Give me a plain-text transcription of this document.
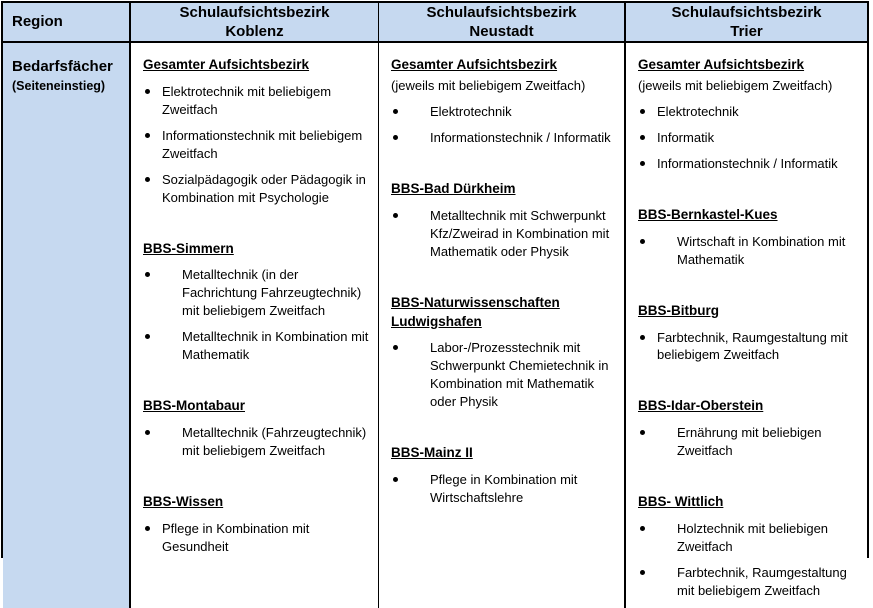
Region
Schulaufsichtsbezirk
Koblenz
Schulaufsichtsbezirk
Neustadt
Schulaufsichtsbezirk
Trier
Bedarfsfächer
(Seiteneinstieg)
Gesamter Aufsichtsbezirk
Elektrotechnik mit beliebigem Zweitfach
Informationstechnik mit beliebigem Zweitfach
Sozialpädagogik oder Pädagogik in Kombination mit Psychologie
BBS-Simmern
Metalltechnik (in der Fachrichtung Fahrzeugtechnik) mit beliebigem Zweitfach
Metalltechnik in Kombination mit Mathematik
BBS-Montabaur
Metalltechnik (Fahrzeugtechnik) mit beliebigem Zweitfach
BBS-Wissen
Pflege in Kombination mit Gesundheit
Gesamter Aufsichtsbezirk
(jeweils mit beliebigem Zweitfach)
Elektrotechnik
Informationstechnik / Informatik
BBS-Bad Dürkheim
Metalltechnik mit Schwerpunkt Kfz/Zweirad in Kombination mit Mathematik oder Physik
BBS-Naturwissenschaften Ludwigshafen
Labor-/Prozesstechnik mit Schwerpunkt Chemietechnik in Kombination mit Mathematik oder Physik
BBS-Mainz II
Pflege in Kombination mit Wirtschaftslehre
Gesamter Aufsichtsbezirk
(jeweils mit beliebigem Zweitfach)
Elektrotechnik
Informatik
Informationstechnik / Informatik
BBS-Bernkastel-Kues
Wirtschaft in Kombination mit Mathematik
BBS-Bitburg
Farbtechnik, Raumgestaltung mit beliebigem Zweitfach
BBS-Idar-Oberstein
Ernährung mit beliebigen Zweitfach
BBS- Wittlich
Holztechnik mit beliebigen Zweitfach
Farbtechnik, Raumgestaltung mit beliebigem Zweitfach
